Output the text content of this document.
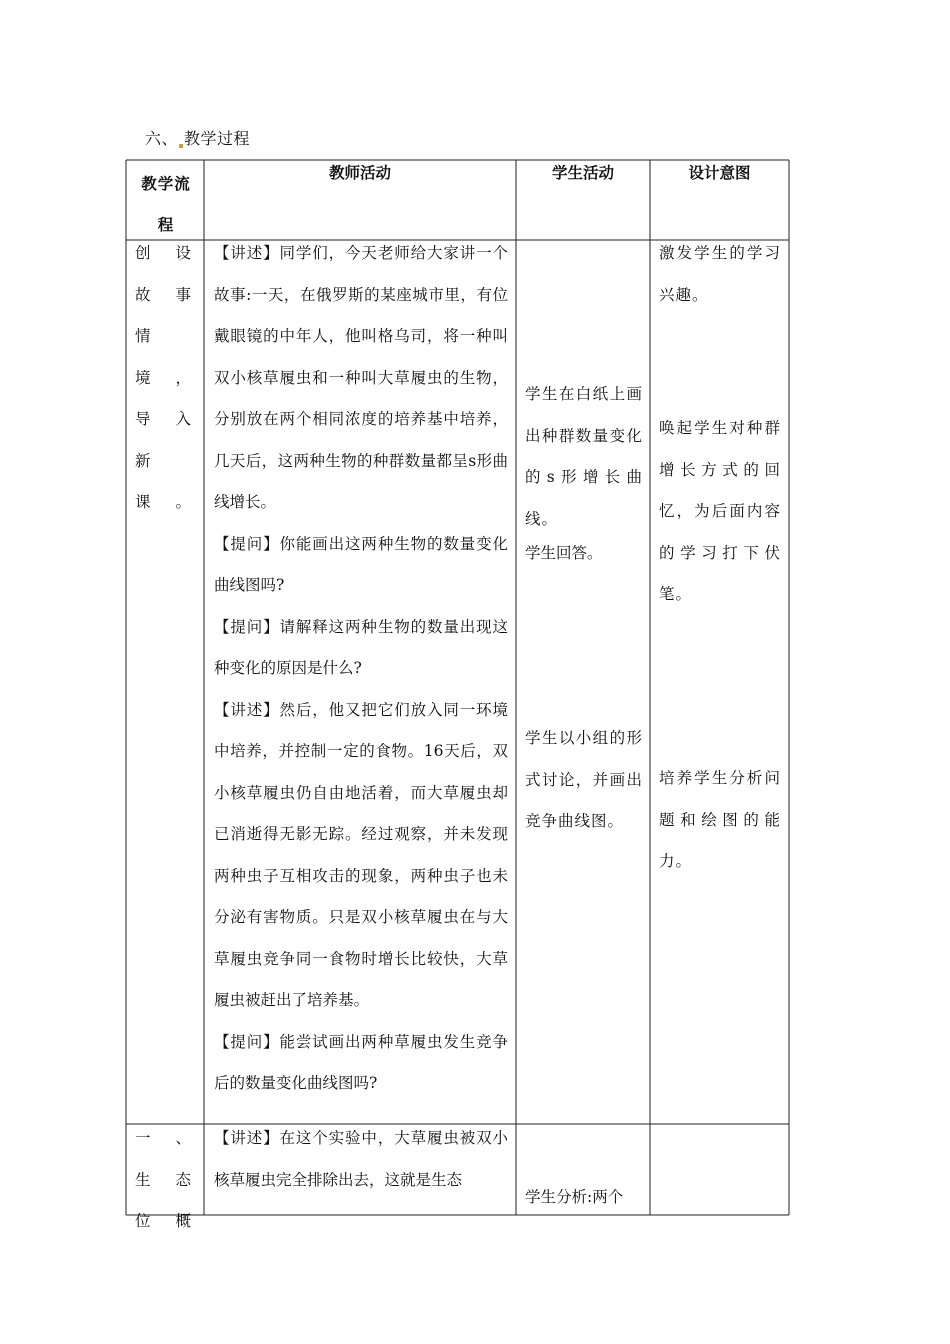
六、 教学过程
教学流程
教师活动	学生活动	设计意图
创设故事情境，导入新课。
【讲述】同学们，今天老师给大家讲一个故事:一天，在俄罗斯的某座城市里，有位戴眼镜的中年人，他叫格乌司，将一种叫双小核草履虫和一种叫大草履虫的生物，分别放在两个相同浓度的培养基中培养，几天后，这两种生物的种群数量都呈s形曲线增长。
【提问】你能画出这两种生物的数量变化曲线图吗?
【提问】请解释这两种生物的数量出现这种变化的原因是什么?
【讲述】然后，他又把它们放入同一环境中培养，并控制一定的食物。16天后，双小核草履虫仍自由地活着，而大草履虫却已消逝得无影无踪。经过观察，并未发现两种虫子互相攻击的现象，两种虫子也未分泌有害物质。只是双小核草履虫在与大草履虫竞争同一食物时增长比较快，大草履虫被赶出了培养基。
【提问】能尝试画出两种草履虫发生竞争后的数量变化曲线图吗?
学生在白纸上画出种群数量变化的s形增长曲线。
学生回答。
学生以小组的形式讨论，并画出竞争曲线图。
激发学生的学习兴趣。
唤起学生对种群增长方式的回忆，为后面内容的学习打下伏笔。
培养学生分析问题和绘图的能力。
一、生态位概
【讲述】在这个实验中，大草履虫被双小核草履虫完全排除出去，这就是生态
学生分析:两个
